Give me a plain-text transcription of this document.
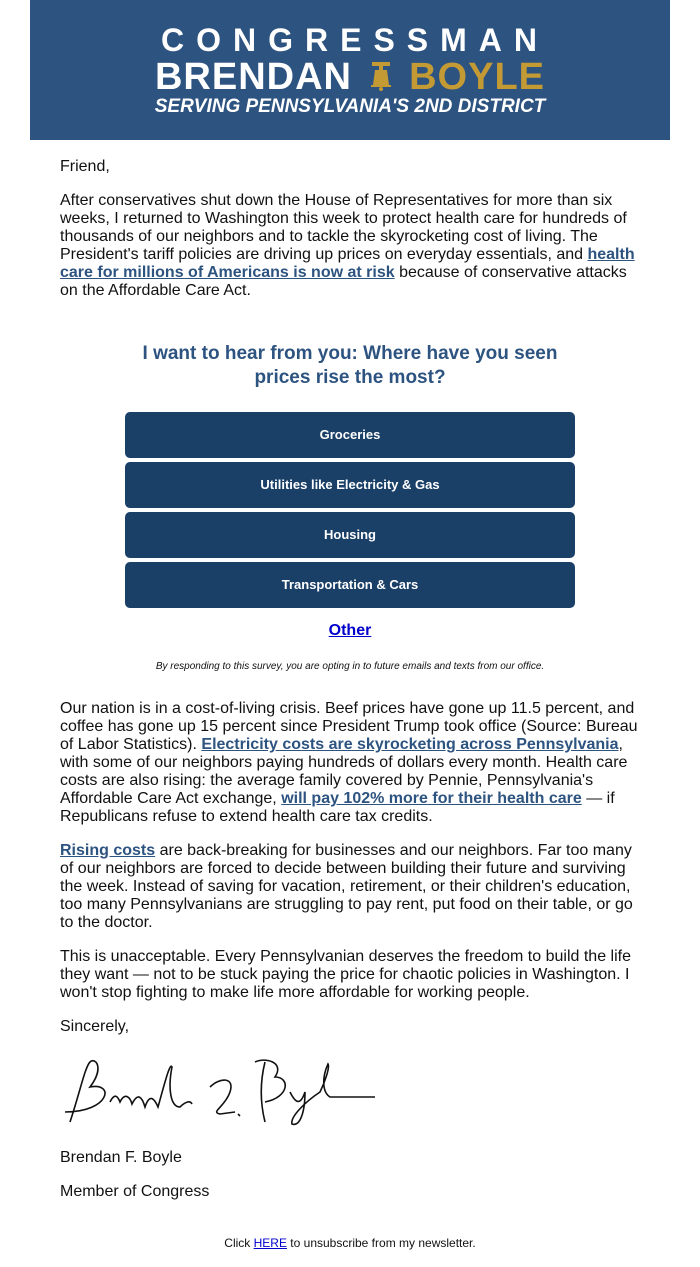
CONGRESSMAN
BRENDAN BOYLE
SERVING PENNSYLVANIA'S 2ND DISTRICT

Friend,

After conservatives shut down the House of Representatives for more than six weeks, I returned to Washington this week to protect health care for hundreds of thousands of our neighbors and to tackle the skyrocketing cost of living. The President's tariff policies are driving up prices on everyday essentials, and health care for millions of Americans is now at risk because of conservative attacks on the Affordable Care Act.

I want to hear from you: Where have you seen prices rise the most?
Groceries
Utilities like Electricity & Gas
Housing
Transportation & Cars
Other
By responding to this survey, you are opting in to future emails and texts from our office.

Our nation is in a cost-of-living crisis. Beef prices have gone up 11.5 percent, and coffee has gone up 15 percent since President Trump took office (Source: Bureau of Labor Statistics). Electricity costs are skyrocketing across Pennsylvania, with some of our neighbors paying hundreds of dollars every month. Health care costs are also rising: the average family covered by Pennie, Pennsylvania's Affordable Care Act exchange, will pay 102% more for their health care — if Republicans refuse to extend health care tax credits.

Rising costs are back-breaking for businesses and our neighbors. Far too many of our neighbors are forced to decide between building their future and surviving the week. Instead of saving for vacation, retirement, or their children's education, too many Pennsylvanians are struggling to pay rent, put food on their table, or go to the doctor.

This is unacceptable. Every Pennsylvanian deserves the freedom to build the life they want — not to be stuck paying the price for chaotic policies in Washington. I won't stop fighting to make life more affordable for working people.

Sincerely,

Brendan F. Boyle

Member of Congress

Click HERE to unsubscribe from my newsletter.
